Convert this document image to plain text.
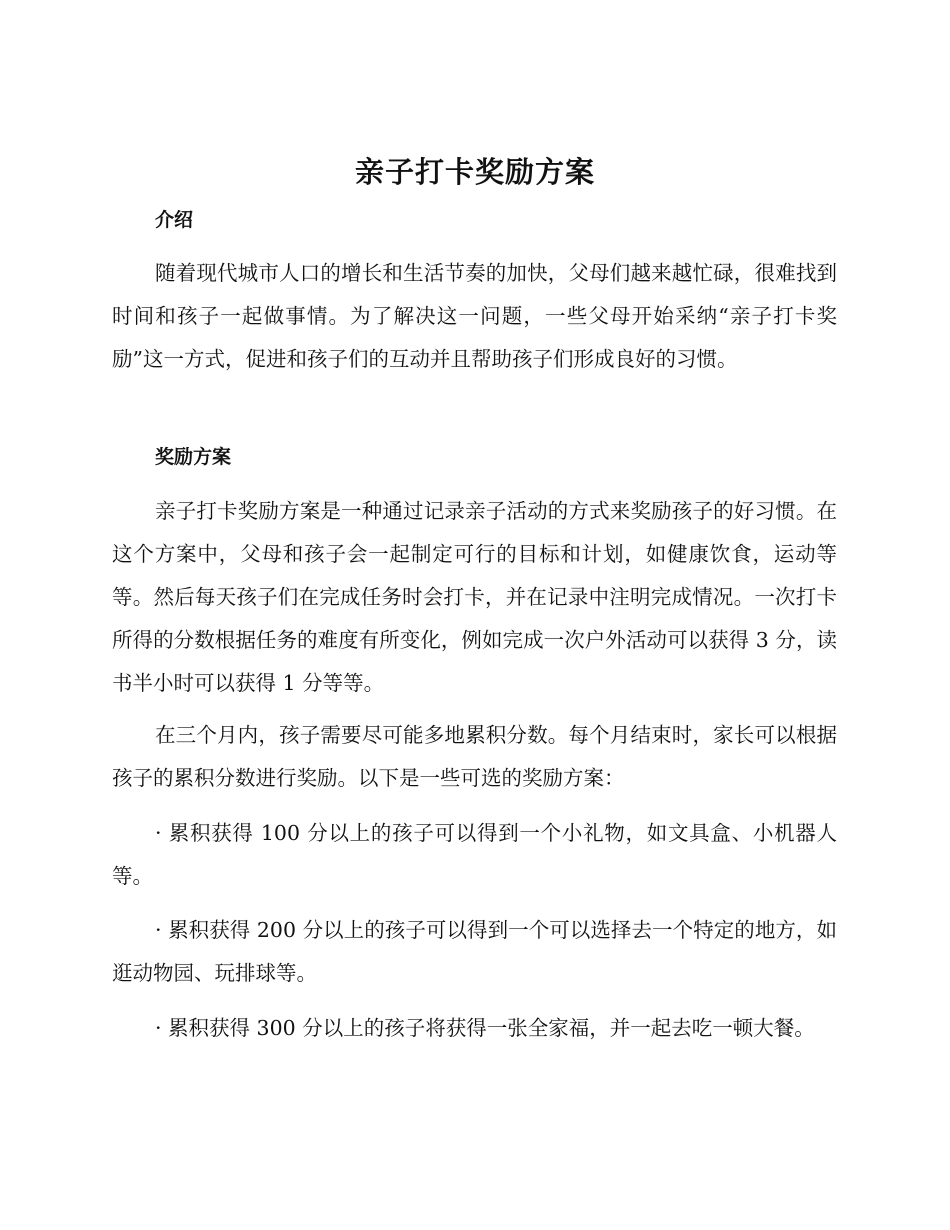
亲子打卡奖励方案
介绍

随着现代城市人口的增长和生活节奏的加快，父母们越来越忙碌，很难找到时间和孩子一起做事情。为了解决这一问题，一些父母开始采纳“亲子打卡奖励”这一方式，促进和孩子们的互动并且帮助孩子们形成良好的习惯。

奖励方案

亲子打卡奖励方案是一种通过记录亲子活动的方式来奖励孩子的好习惯。在这个方案中，父母和孩子会一起制定可行的目标和计划，如健康饮食，运动等等。然后每天孩子们在完成任务时会打卡，并在记录中注明完成情况。一次打卡所得的分数根据任务的难度有所变化，例如完成一次户外活动可以获得 3 分，读书半小时可以获得 1 分等等。

在三个月内，孩子需要尽可能多地累积分数。每个月结束时，家长可以根据孩子的累积分数进行奖励。以下是一些可选的奖励方案：

· 累积获得 100 分以上的孩子可以得到一个小礼物，如文具盒、小机器人等。

· 累积获得 200 分以上的孩子可以得到一个可以选择去一个特定的地方，如逛动物园、玩排球等。

· 累积获得 300 分以上的孩子将获得一张全家福，并一起去吃一顿大餐。
